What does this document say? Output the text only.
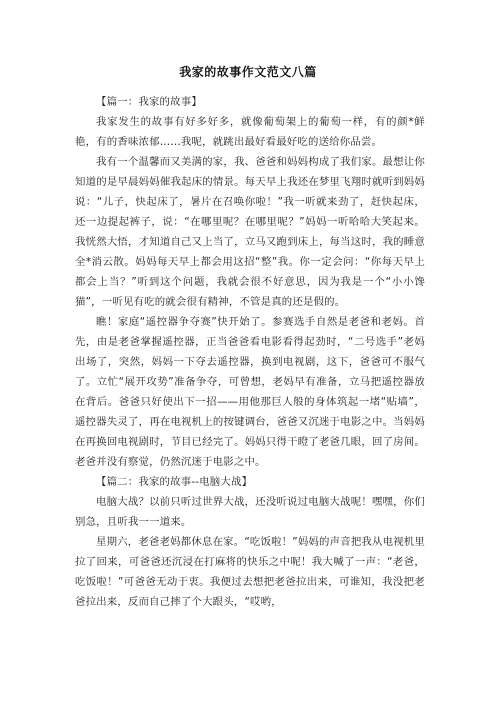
我家的故事作文范文八篇

【篇一：我家的故事】

我家发生的故事有好多好多，就像葡萄架上的葡萄一样，有的颜*鲜艳，有的香味浓郁……我呢，就跳出最好看最好吃的送给你品尝。

我有一个温馨而又美满的家，我、爸爸和妈妈构成了我们家。最想让你知道的是早晨妈妈催我起床的情景。每天早上我还在梦里飞翔时就听到妈妈说：“儿子，快起床了，暑片在召唤你啦！”我一听就来劲了，赶快起床，还一边提起裤子，说：“在哪里呢？在哪里呢？”妈妈一听哈哈大笑起来。我恍然大悟，才知道自己又上当了，立马又跑到床上，每当这时，我的睡意全*消云散。妈妈每天早上都会用这招“整”我。你一定会问：“你每天早上都会上当？”听到这个问题，我就会很不好意思，因为我是一个“小小馋猫”，一听见有吃的就会很有精神，不管是真的还是假的。

瞧！家庭“遥控器争夺赛”快开始了。参赛选手自然是老爸和老妈。首先，由是老爸掌握遥控器，正当爸爸看电影看得起劲时，“二号选手”老妈出场了，突然，妈妈一下夺去遥控器，换到电视剧，这下，爸爸可不服气了。立忙“展开攻势”准备争夺，可曾想，老妈早有准备，立马把遥控器放在背后。爸爸只好使出下一招——用他那巨人般的身体筑起一堵“贴墙”，遥控器失灵了，再在电视机上的按键调台，爸爸又沉迷于电影之中。当妈妈在再换回电视剧时，节目已经完了。妈妈只得干瞪了老爸几眼，回了房间。老爸并没有察觉，仍然沉迷于电影之中。

【篇二：我家的故事--电脑大战】

电脑大战？以前只听过世界大战，还没听说过电脑大战呢！嘿嘿，你们别急，且听我一一道来。

星期六，老爸老妈都休息在家。“吃饭啦！”妈妈的声音把我从电视机里拉了回来，可爸爸还沉浸在打麻将的快乐之中呢！我大喊了一声：“老爸，吃饭啦！”可爸爸无动于衷。我便过去想把老爸拉出来，可谁知，我没把老爸拉出来，反而自己摔了个大跟头，“哎哟，
